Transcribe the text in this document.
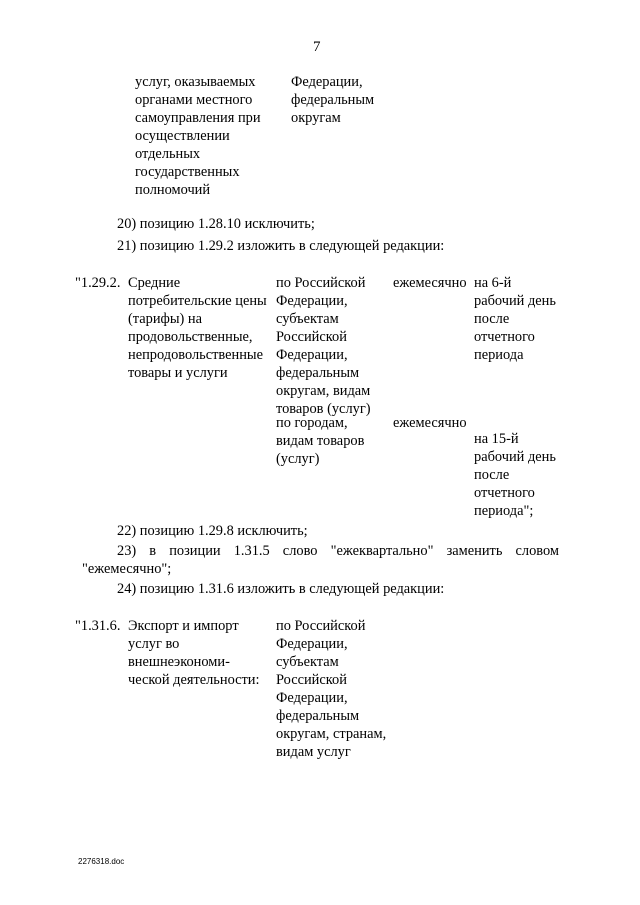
7
услуг, оказываемых
органами местного
самоуправления при
осуществлении
отдельных
государственных
полномочий
Федерации,
федеральным
округам
20) позицию 1.28.10 исключить;
21) позицию 1.29.2 изложить в следующей редакции:
"1.29.2. Средние
потребительские цены
(тарифы) на
продовольственные,
непродовольственные
товары и услуги
по Российской
Федерации,
субъектам
Российской
Федерации,
федеральным
округам, видам
товаров (услуг)
ежемесячно на 6-й
рабочий день
после
отчетного
периода
по городам,
видам товаров
(услуг)
ежемесячно
на 15-й
рабочий день
после
отчетного
периода";
22) позицию 1.29.8 исключить;
23) в позиции 1.31.5 слово "ежеквартально" заменить словом
"ежемесячно";
24) позицию 1.31.6 изложить в следующей редакции:
"1.31.6. Экспорт и импорт
услуг во
внешнеэкономи-
ческой деятельности:
по Российской
Федерации,
субъектам
Российской
Федерации,
федеральным
округам, странам,
видам услуг
2276318.doc
